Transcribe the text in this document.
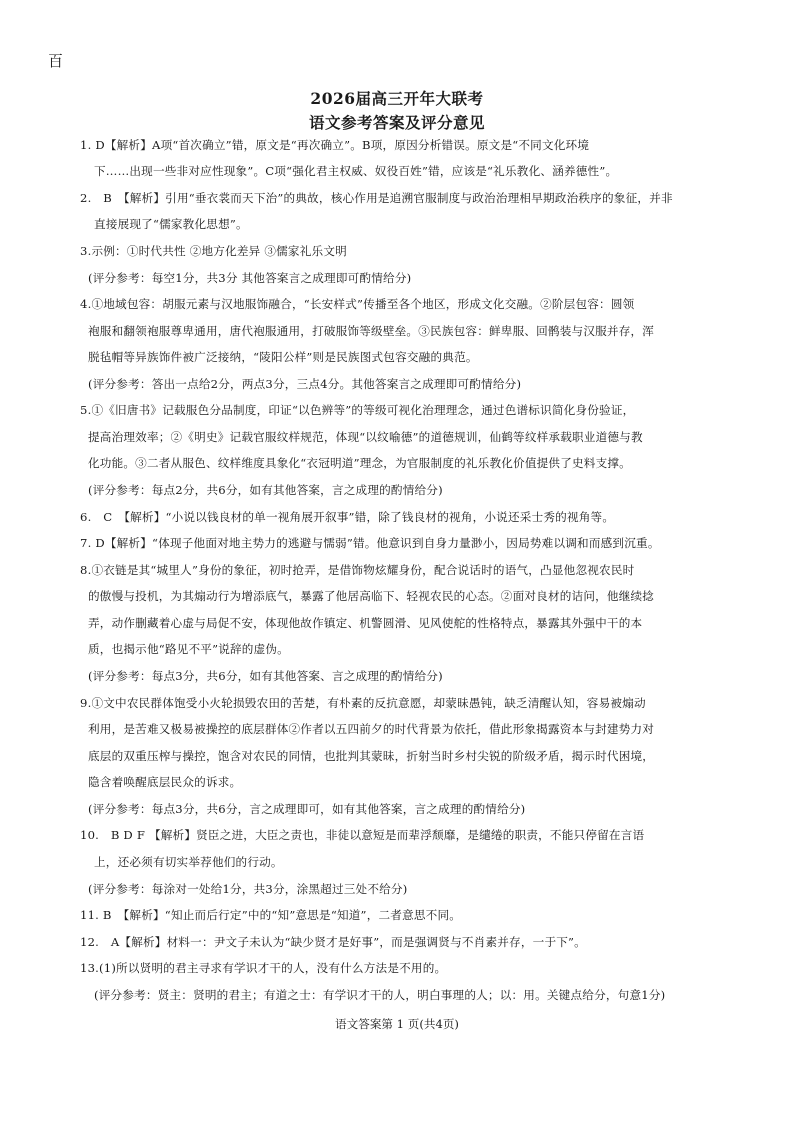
百
2026届高三开年大联考
语文参考答案及评分意见
1. D【解析】A项“首次确立”错，原文是“再次确立”。B项，原因分析错误。原文是“不同文化环境
下……出现一些非对应性现象”。C项“强化君主权威、奴役百姓”错，应该是“礼乐教化、涵养德性”。
2.　B　【解析】引用“垂衣裳而天下治”的典故，核心作用是追溯官服制度与政治治理相早期政治秩序的象征，并非
直接展现了“儒家教化思想”。
3.示例：①时代共性 ②地方化差异 ③儒家礼乐文明
(评分参考：每空1分，共3分 其他答案言之成理即可酌情给分)
4.①地域包容：胡服元素与汉地服饰融合，“长安样式”传播至各个地区，形成文化交融。②阶层包容：圆领
袍服和翻领袍服尊卑通用，唐代袍服通用，打破服饰等级壁垒。③民族包容：鲜卑服、回鹘装与汉服并存，浑
脱毡帽等异族饰件被广泛接纳，“陵阳公样”则是民族图式包容交融的典范。
(评分参考：答出一点给2分，两点3分，三点4分。其他答案言之成理即可酌情给分)
5.①《旧唐书》记载服色分品制度，印证“以色辨等”的等级可视化治理理念，通过色谱标识简化身份验证，
提高治理效率；②《明史》记载官服纹样规范，体现“以纹喻德”的道德规训，仙鹤等纹样承载职业道德与教
化功能。③二者从服色、纹样维度具象化“衣冠明道”理念，为官服制度的礼乐教化价值提供了史料支撑。
(评分参考：每点2分，共6分，如有其他答案，言之成理的酌情给分)
6.　C　【解析】“小说以钱良材的单一视角展开叙事”错，除了钱良材的视角，小说还采士秀的视角等。
7. D【解析】“体现子他面对地主势力的逃避与懦弱”错。他意识到自身力量渺小，因局势难以调和而感到沉重。
8.①衣链是其“城里人”身份的象征，初时抢弄，是借饰物炫耀身份，配合说话时的语气，凸显他忽视农民时
的傲慢与投机，为其煽动行为增添底气，暴露了他居高临下、轻视农民的心态。②面对良材的诘问，他继续捻
弄，动作删藏着心虚与局促不安，体现他故作镇定、机警圆滑、见风使舵的性格特点，暴露其外强中干的本
质，也揭示他“路见不平”说辞的虚伪。
(评分参考：每点3分，共6分，如有其他答案、言之成理的酌情给分)
9.①文中农民群体饱受小火轮损毁农田的苦楚，有朴素的反抗意愿，却蒙昧愚钝，缺乏清醒认知，容易被煽动
利用，是苦难又极易被操控的底层群体②作者以五四前夕的时代背景为依托，借此形象揭露资本与封建势力对
底层的双重压榨与操控，饱含对农民的同情，也批判其蒙昧，折射当时乡村尖锐的阶级矛盾，揭示时代困境，
隐含着唤醒底层民众的诉求。
(评分参考：每点3分，共6分，言之成理即可，如有其他答案，言之成理的酌情给分)
10.　B D F 【解析】贤臣之进，大臣之责也，非徒以意短是而辈浮颓靡，是缱绻的职责，不能只停留在言语
上，还必须有切实举荐他们的行动。
(评分参考：每涂对一处给1分，共3分，涂黑超过三处不给分)
11. B　【解析】“知止而后行定”中的“知”意思是“知道”，二者意思不同。
12.　A【解析】材料一：尹文子未认为“缺少贤才是好事”，而是强调贤与不肖素并存，一于下”。
13.(1)所以贤明的君主寻求有学识才干的人，没有什么方法是不用的。
(评分参考：贤主：贤明的君主；有道之士：有学识才干的人，明白事理的人；以：用。关键点给分，句意1分)
语文答案第 1 页(共4页)
